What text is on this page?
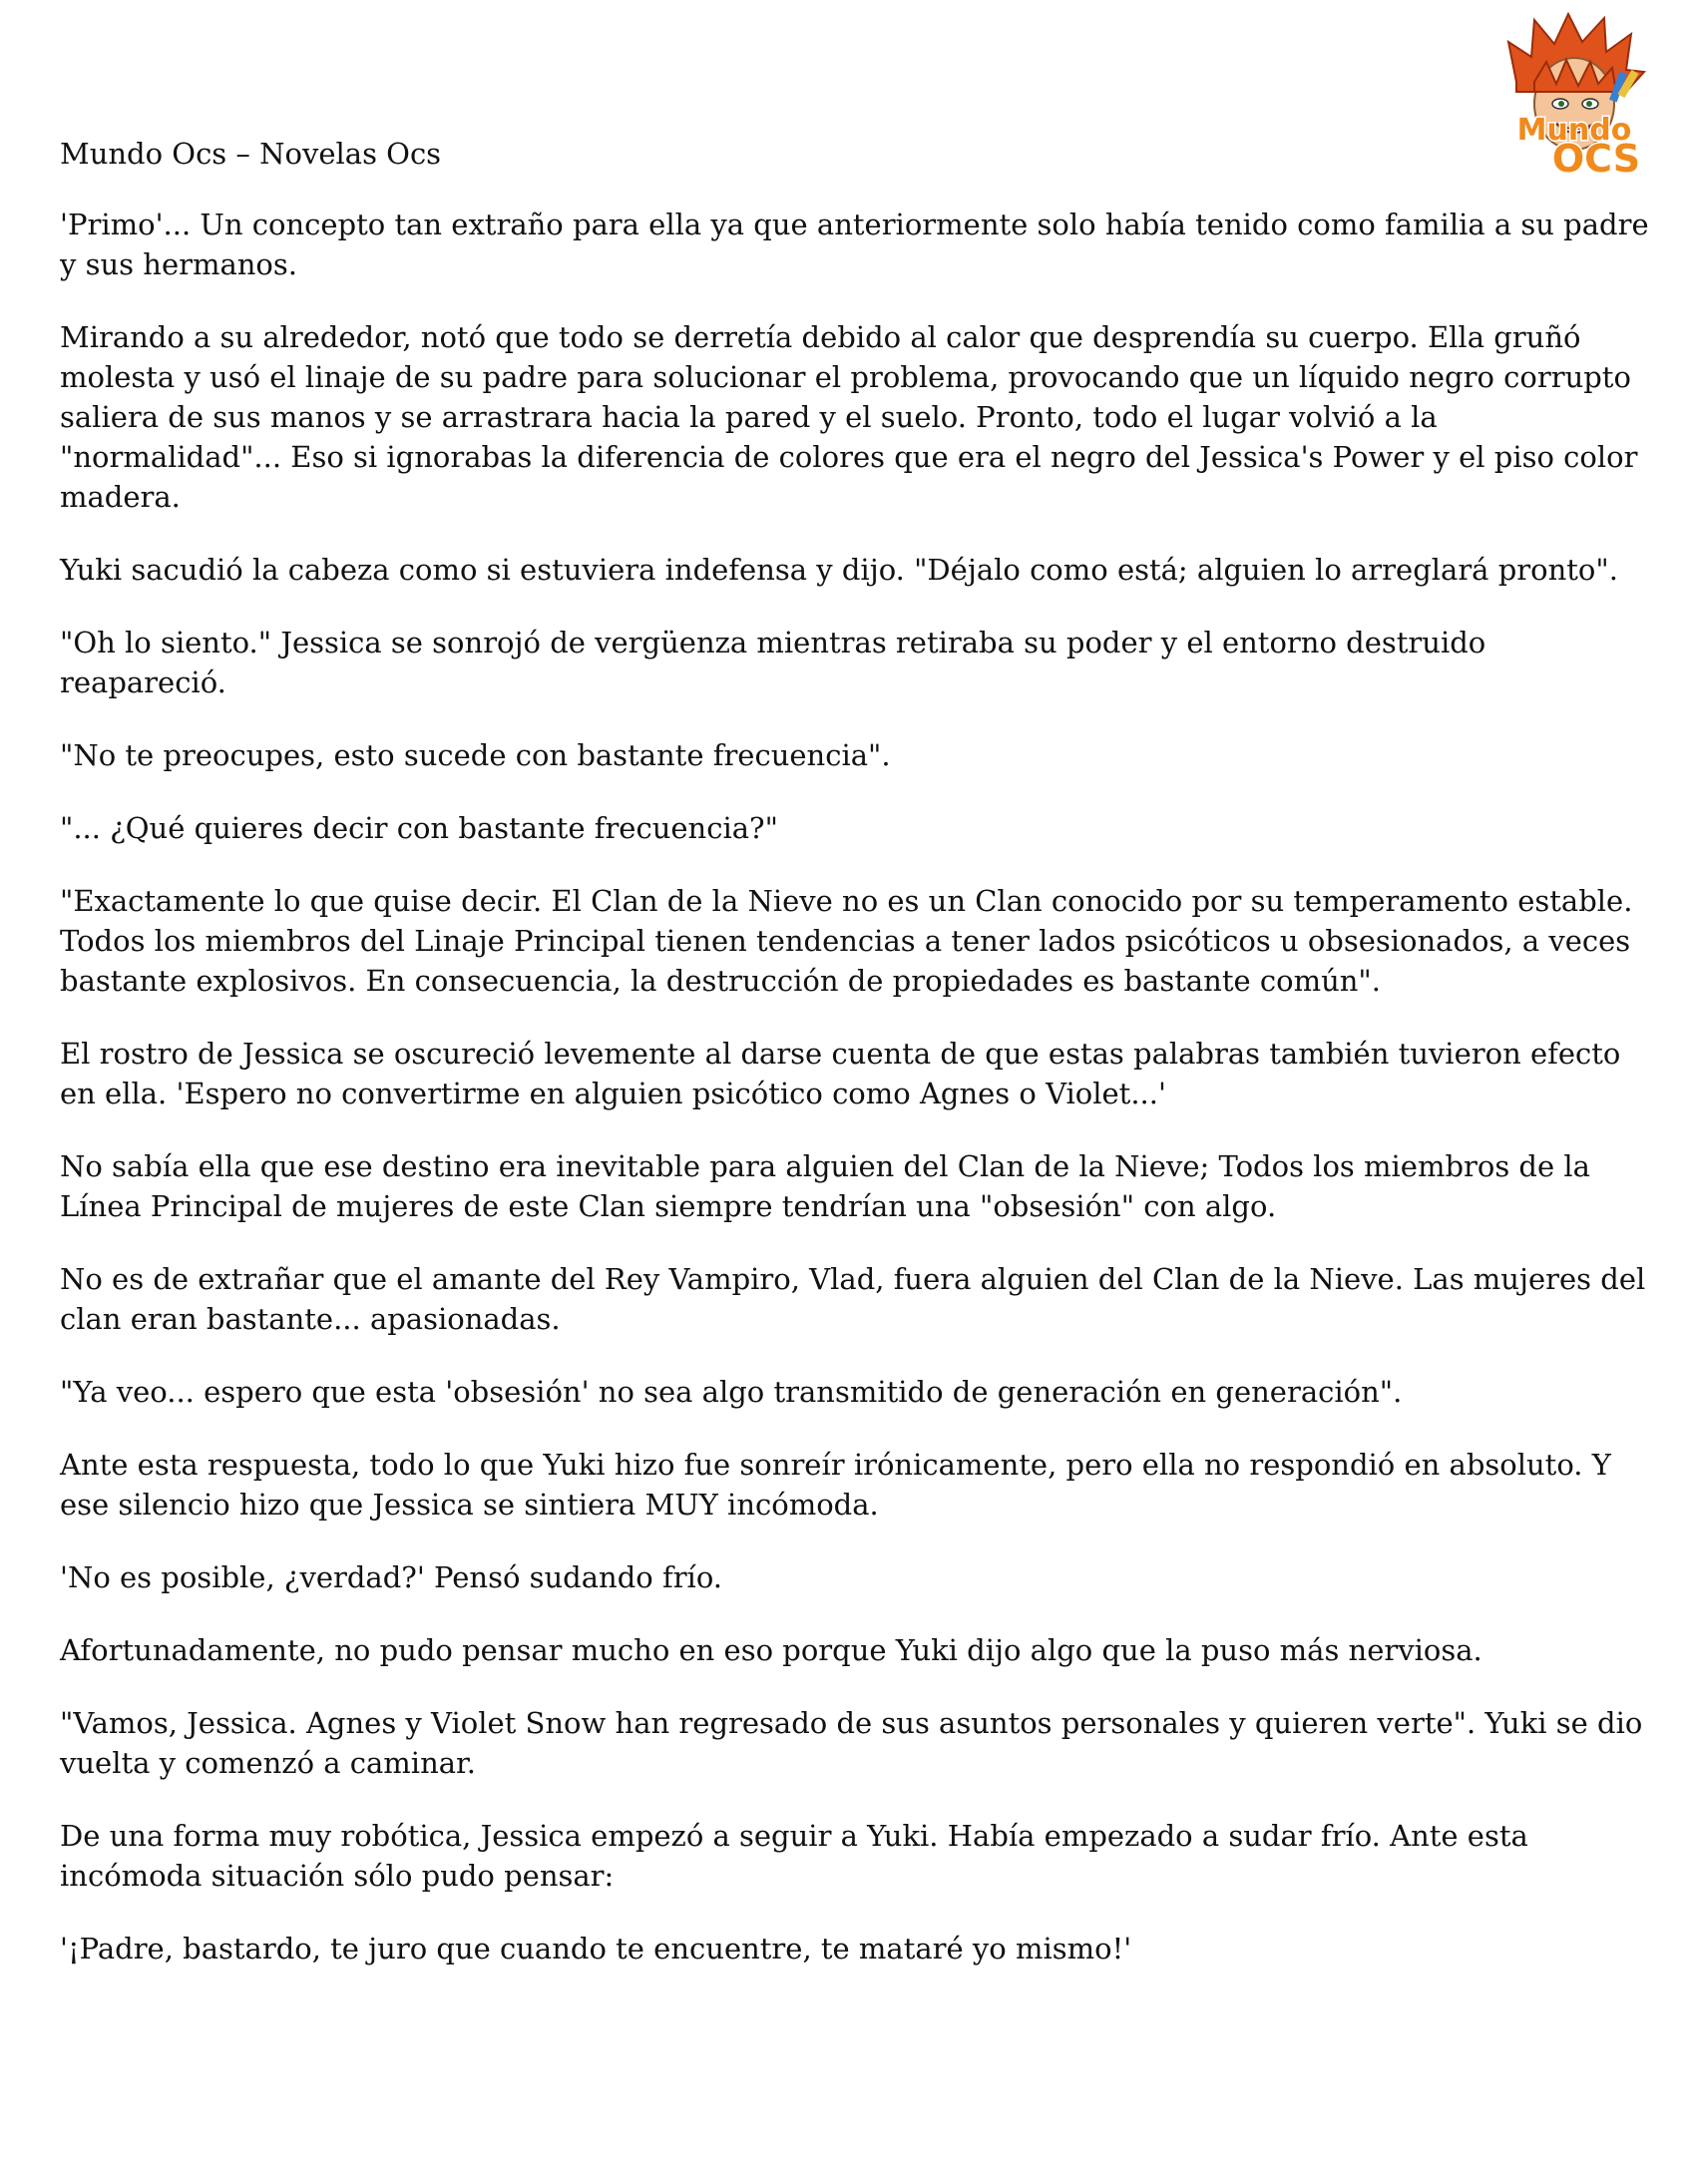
Mundo Ocs – Novelas Ocs
Mundo
OCS

'Primo'... Un concepto tan extraño para ella ya que anteriormente solo había tenido como familia a su padre y sus hermanos.

Mirando a su alrededor, notó que todo se derretía debido al calor que desprendía su cuerpo. Ella gruñó molesta y usó el linaje de su padre para solucionar el problema, provocando que un líquido negro corrupto saliera de sus manos y se arrastrara hacia la pared y el suelo. Pronto, todo el lugar volvió a la "normalidad"... Eso si ignorabas la diferencia de colores que era el negro del Jessica's Power y el piso color madera.

Yuki sacudió la cabeza como si estuviera indefensa y dijo. "Déjalo como está; alguien lo arreglará pronto".

"Oh lo siento." Jessica se sonrojó de vergüenza mientras retiraba su poder y el entorno destruido reapareció.

"No te preocupes, esto sucede con bastante frecuencia".

"... ¿Qué quieres decir con bastante frecuencia?"

"Exactamente lo que quise decir. El Clan de la Nieve no es un Clan conocido por su temperamento estable. Todos los miembros del Linaje Principal tienen tendencias a tener lados psicóticos u obsesionados, a veces bastante explosivos. En consecuencia, la destrucción de propiedades es bastante común".

El rostro de Jessica se oscureció levemente al darse cuenta de que estas palabras también tuvieron efecto en ella. 'Espero no convertirme en alguien psicótico como Agnes o Violet...'

No sabía ella que ese destino era inevitable para alguien del Clan de la Nieve; Todos los miembros de la Línea Principal de mujeres de este Clan siempre tendrían una "obsesión" con algo.

No es de extrañar que el amante del Rey Vampiro, Vlad, fuera alguien del Clan de la Nieve. Las mujeres del clan eran bastante... apasionadas.

"Ya veo... espero que esta 'obsesión' no sea algo transmitido de generación en generación".

Ante esta respuesta, todo lo que Yuki hizo fue sonreír irónicamente, pero ella no respondió en absoluto. Y ese silencio hizo que Jessica se sintiera MUY incómoda.

'No es posible, ¿verdad?' Pensó sudando frío.

Afortunadamente, no pudo pensar mucho en eso porque Yuki dijo algo que la puso más nerviosa.

"Vamos, Jessica. Agnes y Violet Snow han regresado de sus asuntos personales y quieren verte". Yuki se dio vuelta y comenzó a caminar.

De una forma muy robótica, Jessica empezó a seguir a Yuki. Había empezado a sudar frío. Ante esta incómoda situación sólo pudo pensar:

'¡Padre, bastardo, te juro que cuando te encuentre, te mataré yo mismo!'
